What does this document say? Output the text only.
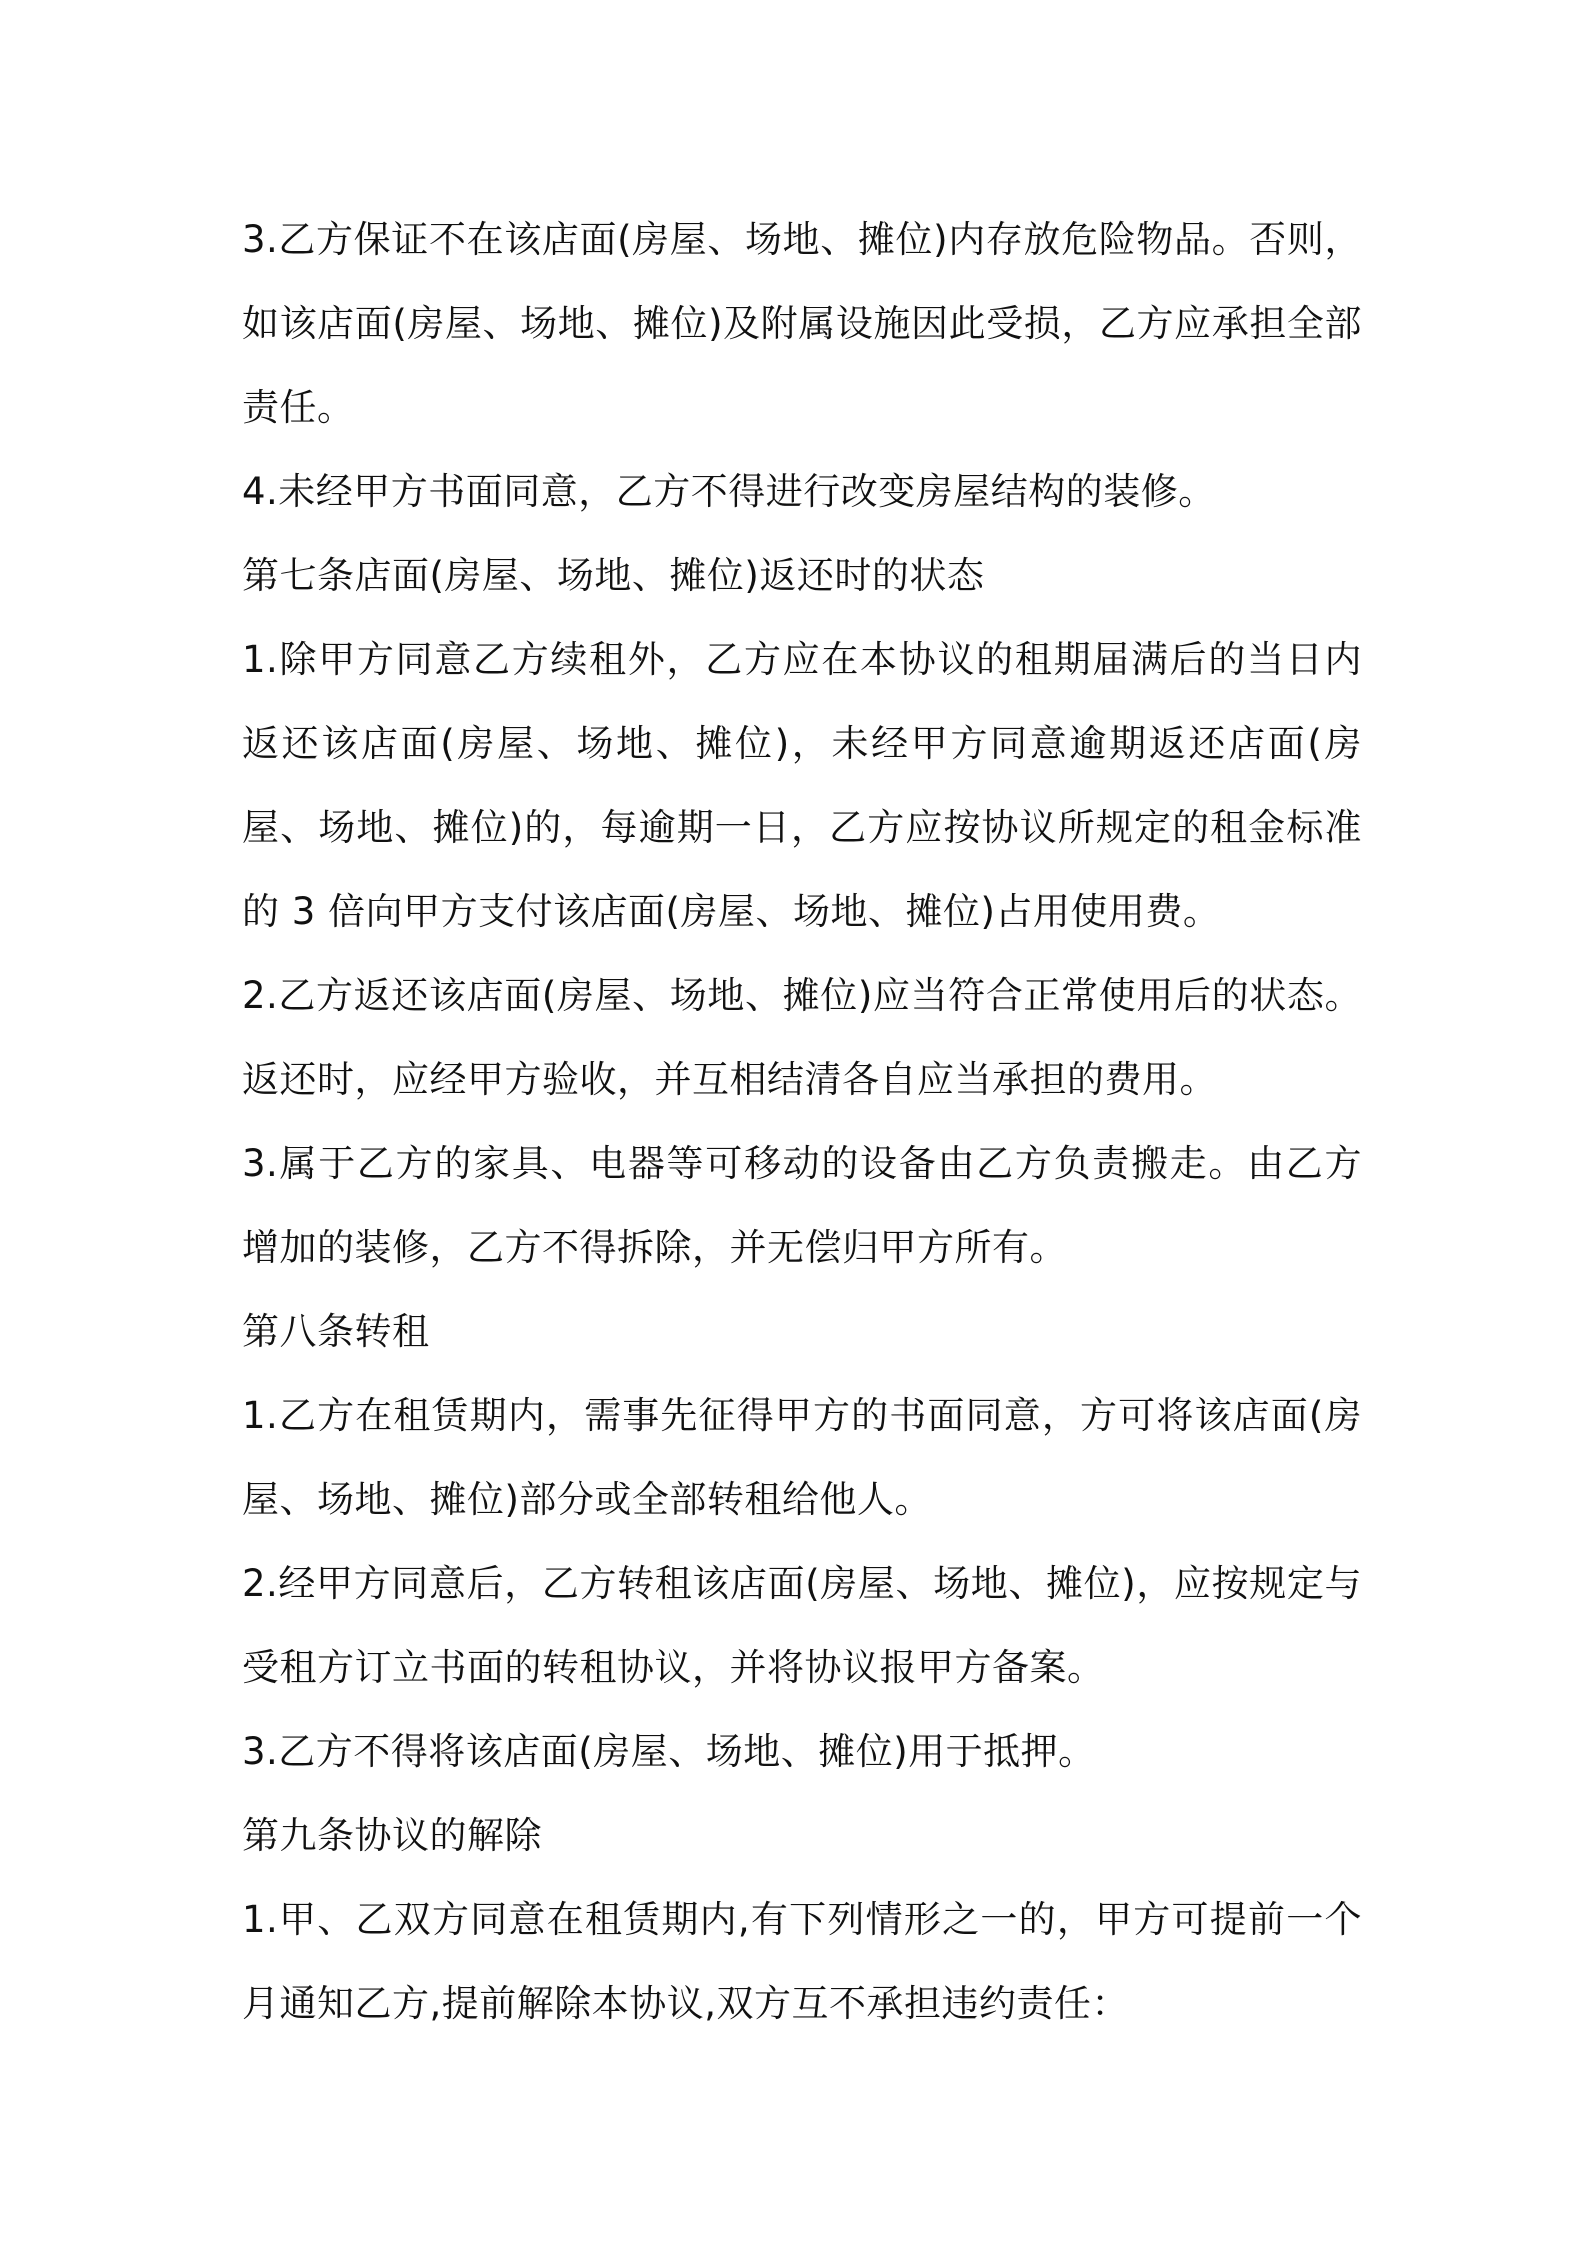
3.乙方保证不在该店面(房屋、场地、摊位)内存放危险物品。否则，如该店面(房屋、场地、摊位)及附属设施因此受损，乙方应承担全部责任。

4.未经甲方书面同意，乙方不得进行改变房屋结构的装修。

第七条店面(房屋、场地、摊位)返还时的状态

1.除甲方同意乙方续租外，乙方应在本协议的租期届满后的当日内返还该店面(房屋、场地、摊位)，未经甲方同意逾期返还店面(房屋、场地、摊位)的，每逾期一日，乙方应按协议所规定的租金标准的 3 倍向甲方支付该店面(房屋、场地、摊位)占用使用费。

2.乙方返还该店面(房屋、场地、摊位)应当符合正常使用后的状态。返还时，应经甲方验收，并互相结清各自应当承担的费用。

3.属于乙方的家具、电器等可移动的设备由乙方负责搬走。由乙方增加的装修，乙方不得拆除，并无偿归甲方所有。

第八条转租

1.乙方在租赁期内，需事先征得甲方的书面同意，方可将该店面(房屋、场地、摊位)部分或全部转租给他人。

2.经甲方同意后，乙方转租该店面(房屋、场地、摊位)，应按规定与受租方订立书面的转租协议，并将协议报甲方备案。

3.乙方不得将该店面(房屋、场地、摊位)用于抵押。

第九条协议的解除

1.甲、乙双方同意在租赁期内,有下列情形之一的，甲方可提前一个月通知乙方,提前解除本协议,双方互不承担违约责任：
